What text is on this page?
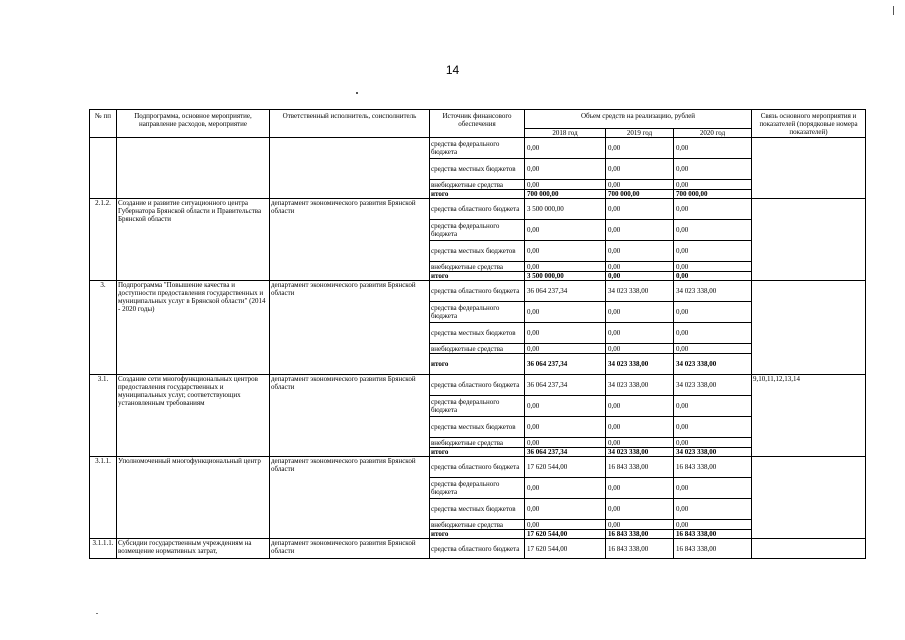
14
№ пп	Подпрограмма, основное мероприятие, направление расходов, мероприятие	Ответственный исполнитель, соисполнитель	Источник финансового обеспечения	Объем средств на реализацию, рублей			Связь основного мероприятия и показателей (порядковые номера показателей)
				2018 год	2019 год	2020 год	
			средства федерального бюджета	0,00	0,00	0,00	
			средства местных бюджетов	0,00	0,00	0,00	
			внебюджетные средства	0,00	0,00	0,00	
			итого	700 000,00	700 000,00	700 000,00	
2.1.2.	Создание и развитие ситуационного центра Губернатора Брянской области и Правительства Брянской области	департамент экономического развития Брянской области	средства областного бюджета	3 500 000,00	0,00	0,00	
			средства федерального бюджета	0,00	0,00	0,00	
			средства местных бюджетов	0,00	0,00	0,00	
			внебюджетные средства	0,00	0,00	0,00	
			итого	3 500 000,00	0,00	0,00	
3.	Подпрограмма "Повышение качества и доступности предоставления государственных и муниципальных услуг в Брянской области" (2014 - 2020 годы)	департамент экономического развития Брянской области	средства областного бюджета	36 064 237,34	34 023 338,00	34 023 338,00	
			средства федерального бюджета	0,00	0,00	0,00	
			средства местных бюджетов	0,00	0,00	0,00	
			внебюджетные средства	0,00	0,00	0,00	
			итого	36 064 237,34	34 023 338,00	34 023 338,00	
3.1.	Создание сети многофункциональных центров предоставления государственных и муниципальных услуг, соответствующих установленным требованиям	департамент экономического развития Брянской области	средства областного бюджета	36 064 237,34	34 023 338,00	34 023 338,00	9,10,11,12,13,14
			средства федерального бюджета	0,00	0,00	0,00	
			средства местных бюджетов	0,00	0,00	0,00	
			внебюджетные средства	0,00	0,00	0,00	
			итого	36 064 237,34	34 023 338,00	34 023 338,00	
3.1.1.	Уполномоченный многофункциональный центр	департамент экономического развития Брянской области	средства областного бюджета	17 620 544,00	16 843 338,00	16 843 338,00	
			средства федерального бюджета	0,00	0,00	0,00	
			средства местных бюджетов	0,00	0,00	0,00	
			внебюджетные средства	0,00	0,00	0,00	
			итого	17 620 544,00	16 843 338,00	16 843 338,00	
3.1.1.1.	Субсидии государственным учреждениям на возмещение нормативных затрат,	департамент экономического развития Брянской области	средства областного бюджета	17 620 544,00	16 843 338,00	16 843 338,00	
